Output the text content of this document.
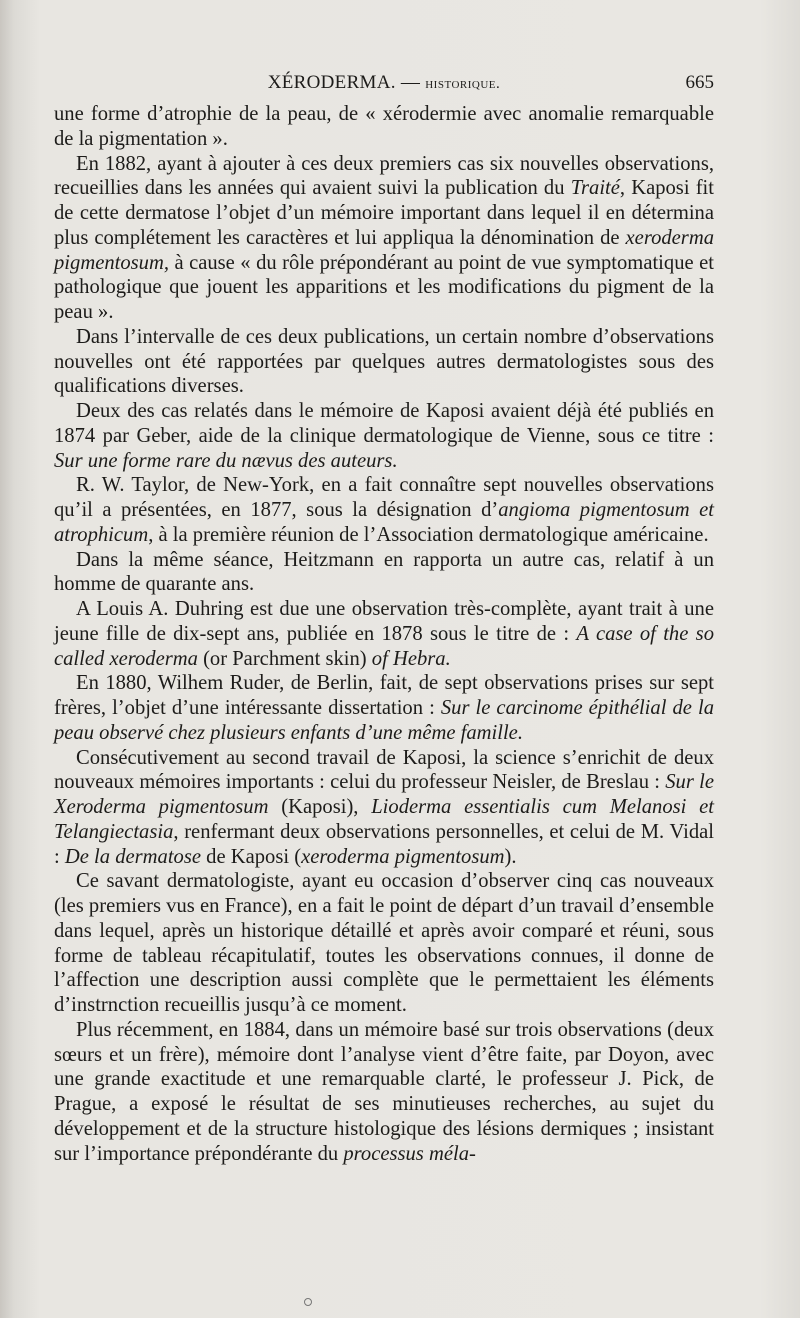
XÉRODERMA. — historique.	665

une forme d’atrophie de la peau, de « xérodermie avec anomalie remarquable de la pigmentation ».

En 1882, ayant à ajouter à ces deux premiers cas six nouvelles observations, recueillies dans les années qui avaient suivi la publication du Traité, Kaposi fit de cette dermatose l’objet d’un mémoire important dans lequel il en détermina plus complétement les caractères et lui appliqua la dénomination de xeroderma pigmentosum, à cause « du rôle prépondérant au point de vue symptomatique et pathologique que jouent les apparitions et les modifications du pigment de la peau ».

Dans l’intervalle de ces deux publications, un certain nombre d’observations nouvelles ont été rapportées par quelques autres dermatologistes sous des qualifications diverses.

Deux des cas relatés dans le mémoire de Kaposi avaient déjà été publiés en 1874 par Geber, aide de la clinique dermatologique de Vienne, sous ce titre : Sur une forme rare du nævus des auteurs.

R. W. Taylor, de New-York, en a fait connaître sept nouvelles observations qu’il a présentées, en 1877, sous la désignation d’angioma pigmentosum et atrophicum, à la première réunion de l’Association dermatologique américaine.

Dans la même séance, Heitzmann en rapporta un autre cas, relatif à un homme de quarante ans.

A Louis A. Duhring est due une observation très-complète, ayant trait à une jeune fille de dix-sept ans, publiée en 1878 sous le titre de : A case of the so called xeroderma (or Parchment skin) of Hebra.

En 1880, Wilhem Ruder, de Berlin, fait, de sept observations prises sur sept frères, l’objet d’une intéressante dissertation : Sur le carcinome épithélial de la peau observé chez plusieurs enfants d’une même famille.

Consécutivement au second travail de Kaposi, la science s’enrichit de deux nouveaux mémoires importants : celui du professeur Neisler, de Breslau : Sur le Xeroderma pigmentosum (Kaposi), Lioderma essentialis cum Melanosi et Telangiectasia, renfermant deux observations personnelles, et celui de M. Vidal : De la dermatose de Kaposi (xeroderma pigmentosum).

Ce savant dermatologiste, ayant eu occasion d’observer cinq cas nouveaux (les premiers vus en France), en a fait le point de départ d’un travail d’ensemble dans lequel, après un historique détaillé et après avoir comparé et réuni, sous forme de tableau récapitulatif, toutes les observations connues, il donne de l’affection une description aussi complète que le permettaient les éléments d’instrnction recueillis jusqu’à ce moment.

Plus récemment, en 1884, dans un mémoire basé sur trois observations (deux sœurs et un frère), mémoire dont l’analyse vient d’être faite, par Doyon, avec une grande exactitude et une remarquable clarté, le professeur J. Pick, de Prague, a exposé le résultat de ses minutieuses recherches, au sujet du développement et de la structure histologique des lésions dermiques ; insistant sur l’importance prépondérante du processus méla-
